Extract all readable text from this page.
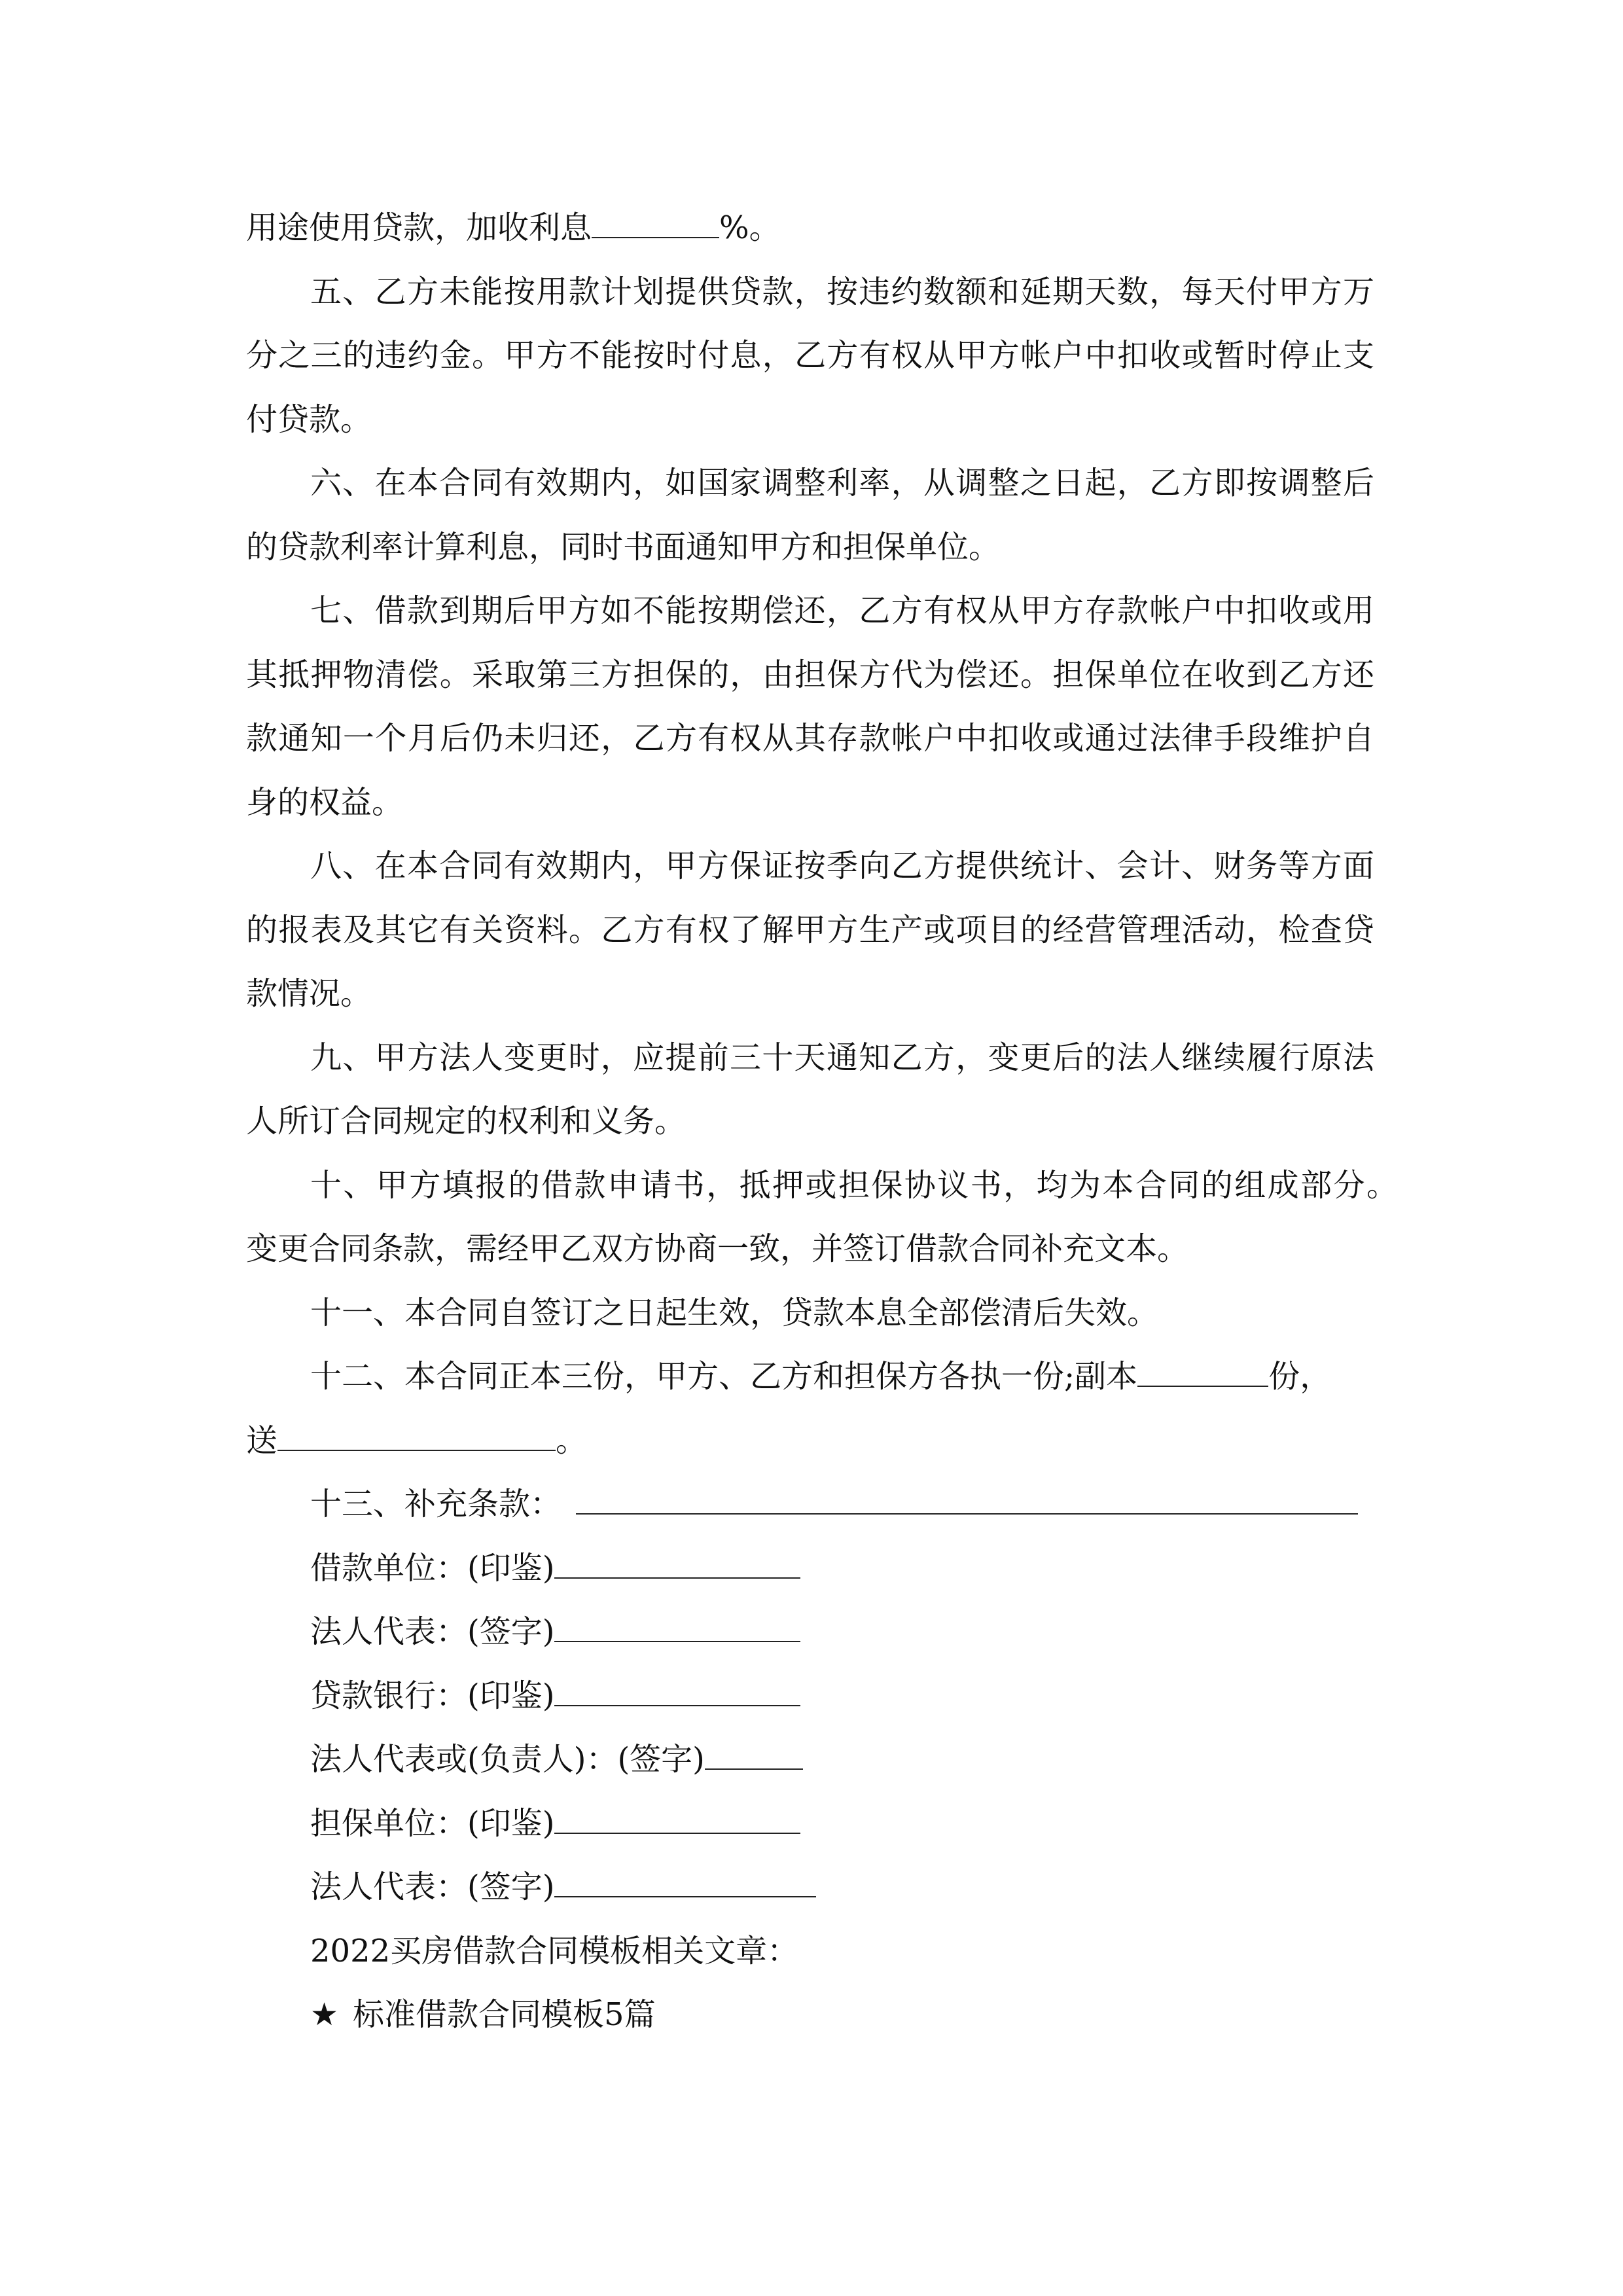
用途使用贷款，加收利息	%。
五、乙方未能按用款计划提供贷款，按违约数额和延期天数，每天付甲方万
分之三的违约金。甲方不能按时付息，乙方有权从甲方帐户中扣收或暂时停止支
付贷款。
六、在本合同有效期内，如国家调整利率，从调整之日起，乙方即按调整后
的贷款利率计算利息，同时书面通知甲方和担保单位。
七、借款到期后甲方如不能按期偿还，乙方有权从甲方存款帐户中扣收或用
其抵押物清偿。采取第三方担保的，由担保方代为偿还。担保单位在收到乙方还
款通知一个月后仍未归还，乙方有权从其存款帐户中扣收或通过法律手段维护自
身的权益。
八、在本合同有效期内，甲方保证按季向乙方提供统计、会计、财务等方面
的报表及其它有关资料。乙方有权了解甲方生产或项目的经营管理活动，检查贷
款情况。
九、甲方法人变更时，应提前三十天通知乙方，变更后的法人继续履行原法
人所订合同规定的权利和义务。
十、甲方填报的借款申请书，抵押或担保协议书，均为本合同的组成部分。
变更合同条款，需经甲乙双方协商一致，并签订借款合同补充文本。
十一、本合同自签订之日起生效，贷款本息全部偿清后失效。
十二、本合同正本三份，甲方、乙方和担保方各执一份;副本	份，
送	。
十三、补充条款：
借款单位：(印鉴)
法人代表：(签字)
贷款银行：(印鉴)
法人代表或(负责人)：(签字)
担保单位：(印鉴)
法人代表：(签字)
2022买房借款合同模板相关文章：
★ 标准借款合同模板5篇
